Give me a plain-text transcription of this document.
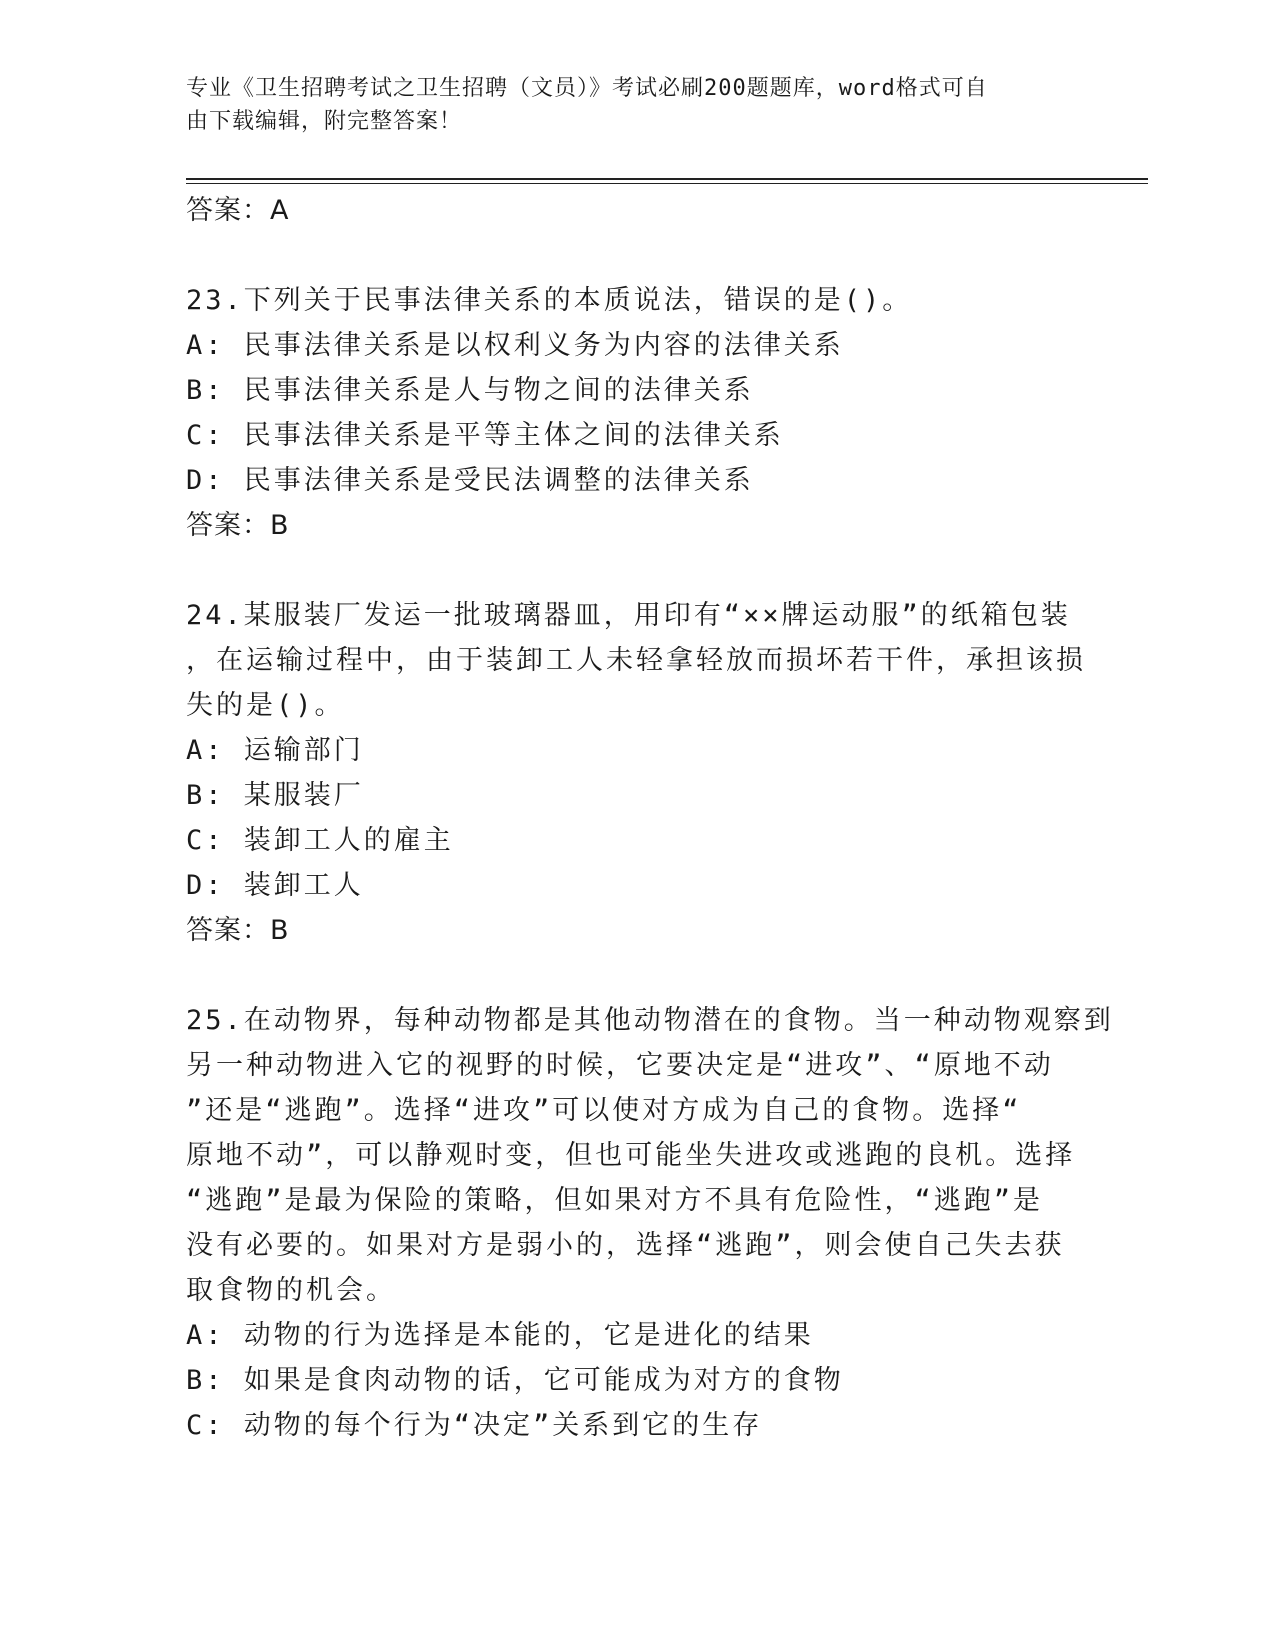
专业《卫生招聘考试之卫生招聘（文员）》考试必刷200题题库，word格式可自
由下载编辑，附完整答案！
答案：A
23.下列关于民事法律关系的本质说法，错误的是()。
A: 民事法律关系是以权利义务为内容的法律关系
B: 民事法律关系是人与物之间的法律关系
C: 民事法律关系是平等主体之间的法律关系
D: 民事法律关系是受民法调整的法律关系
答案：B
24.某服装厂发运一批玻璃器皿，用印有“××牌运动服”的纸箱包装
，在运输过程中，由于装卸工人未轻拿轻放而损坏若干件，承担该损
失的是()。
A: 运输部门
B: 某服装厂
C: 装卸工人的雇主
D: 装卸工人
答案：B
25.在动物界，每种动物都是其他动物潜在的食物。当一种动物观察到
另一种动物进入它的视野的时候，它要决定是“进攻”、“原地不动
”还是“逃跑”。选择“进攻”可以使对方成为自己的食物。选择“
原地不动”，可以静观时变，但也可能坐失进攻或逃跑的良机。选择
“逃跑”是最为保险的策略，但如果对方不具有危险性，“逃跑”是
没有必要的。如果对方是弱小的，选择“逃跑”，则会使自己失去获
取食物的机会。
A: 动物的行为选择是本能的，它是进化的结果
B: 如果是食肉动物的话，它可能成为对方的食物
C: 动物的每个行为“决定”关系到它的生存
